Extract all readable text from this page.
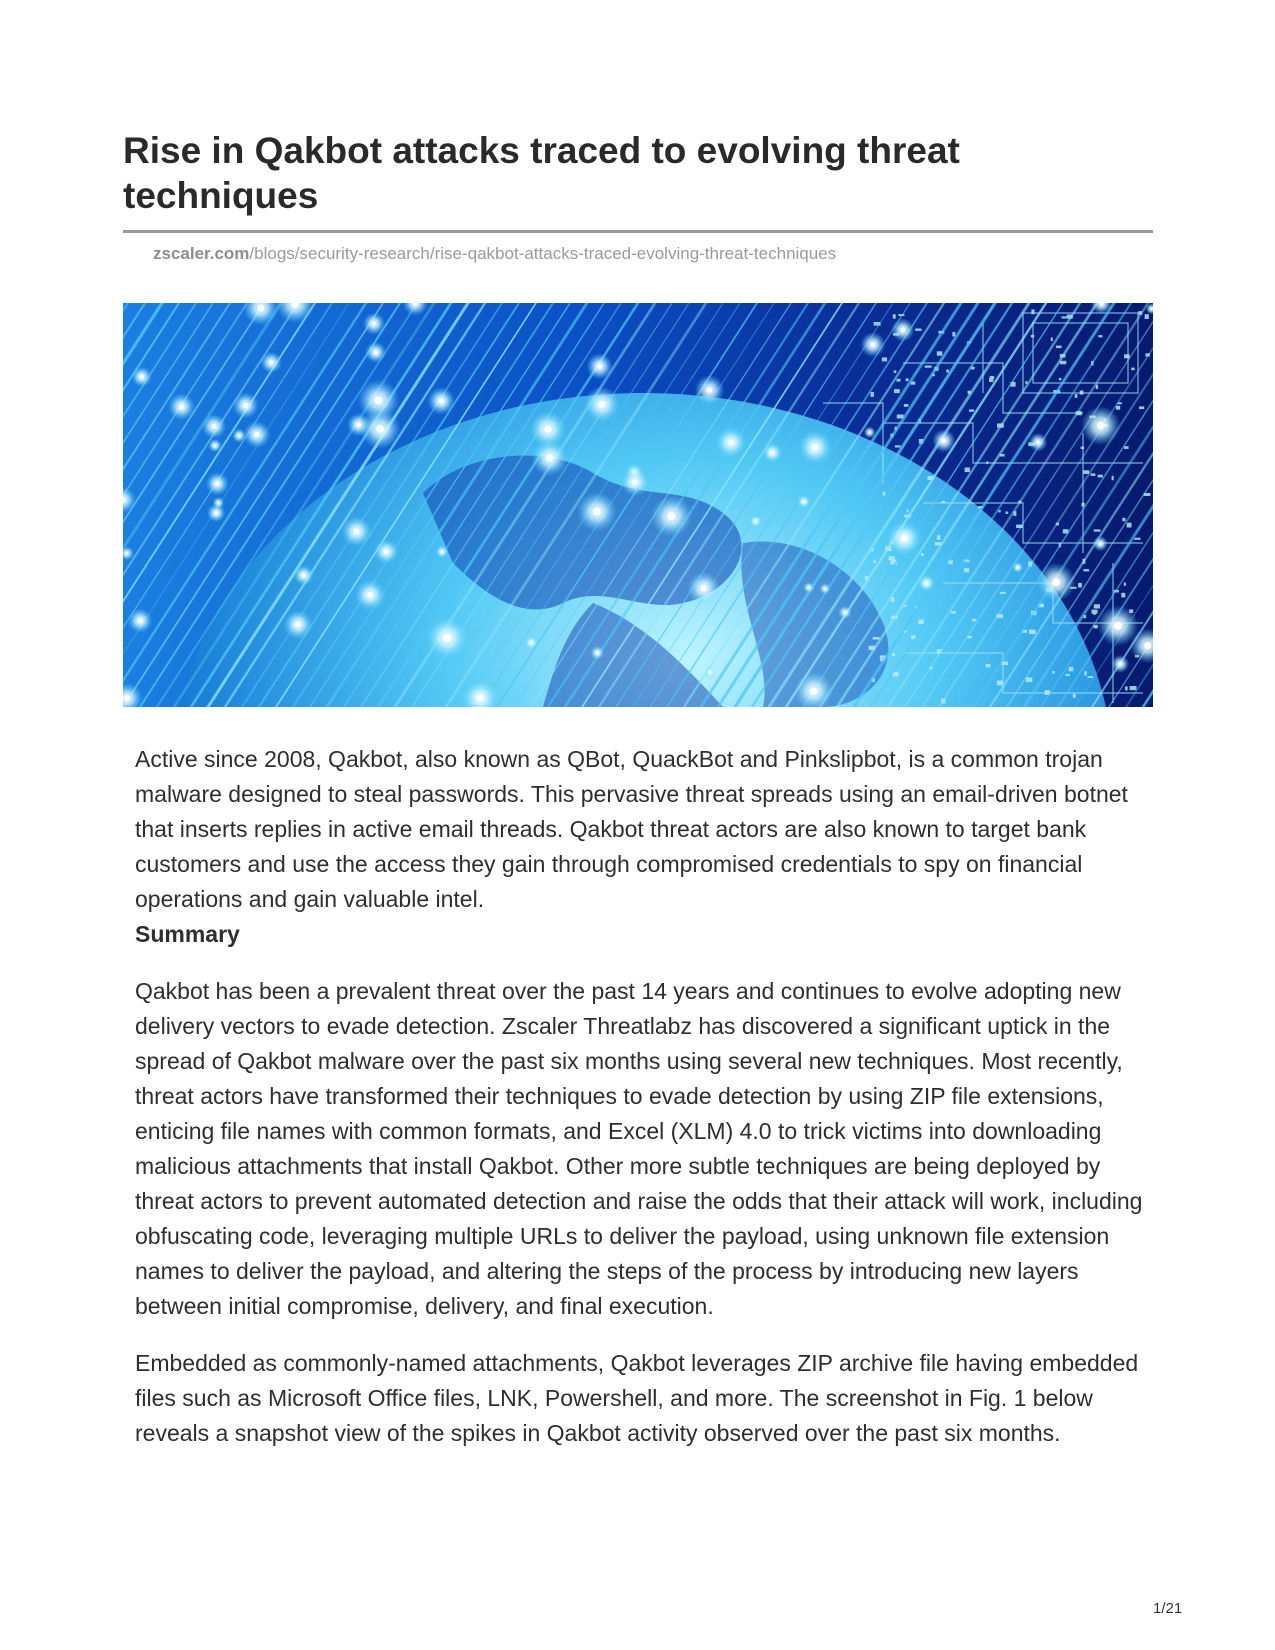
Rise in Qakbot attacks traced to evolving threat techniques
zscaler.com/blogs/security-research/rise-qakbot-attacks-traced-evolving-threat-techniques

Active since 2008, Qakbot, also known as QBot, QuackBot and Pinkslipbot, is a common trojan malware designed to steal passwords. This pervasive threat spreads using an email-driven botnet that inserts replies in active email threads. Qakbot threat actors are also known to target bank customers and use the access they gain through compromised credentials to spy on financial operations and gain valuable intel.

Summary

Qakbot has been a prevalent threat over the past 14 years and continues to evolve adopting new delivery vectors to evade detection. Zscaler Threatlabz has discovered a significant uptick in the spread of Qakbot malware over the past six months using several new techniques. Most recently, threat actors have transformed their techniques to evade detection by using ZIP file extensions, enticing file names with common formats, and Excel (XLM) 4.0 to trick victims into downloading malicious attachments that install Qakbot. Other more subtle techniques are being deployed by threat actors to prevent automated detection and raise the odds that their attack will work, including obfuscating code, leveraging multiple URLs to deliver the payload, using unknown file extension names to deliver the payload, and altering the steps of the process by introducing new layers between initial compromise, delivery, and final execution.

Embedded as commonly-named attachments, Qakbot leverages ZIP archive file having embedded files such as Microsoft Office files, LNK, Powershell, and more. The screenshot in Fig. 1 below reveals a snapshot view of the spikes in Qakbot activity observed over the past six months.

1/21
